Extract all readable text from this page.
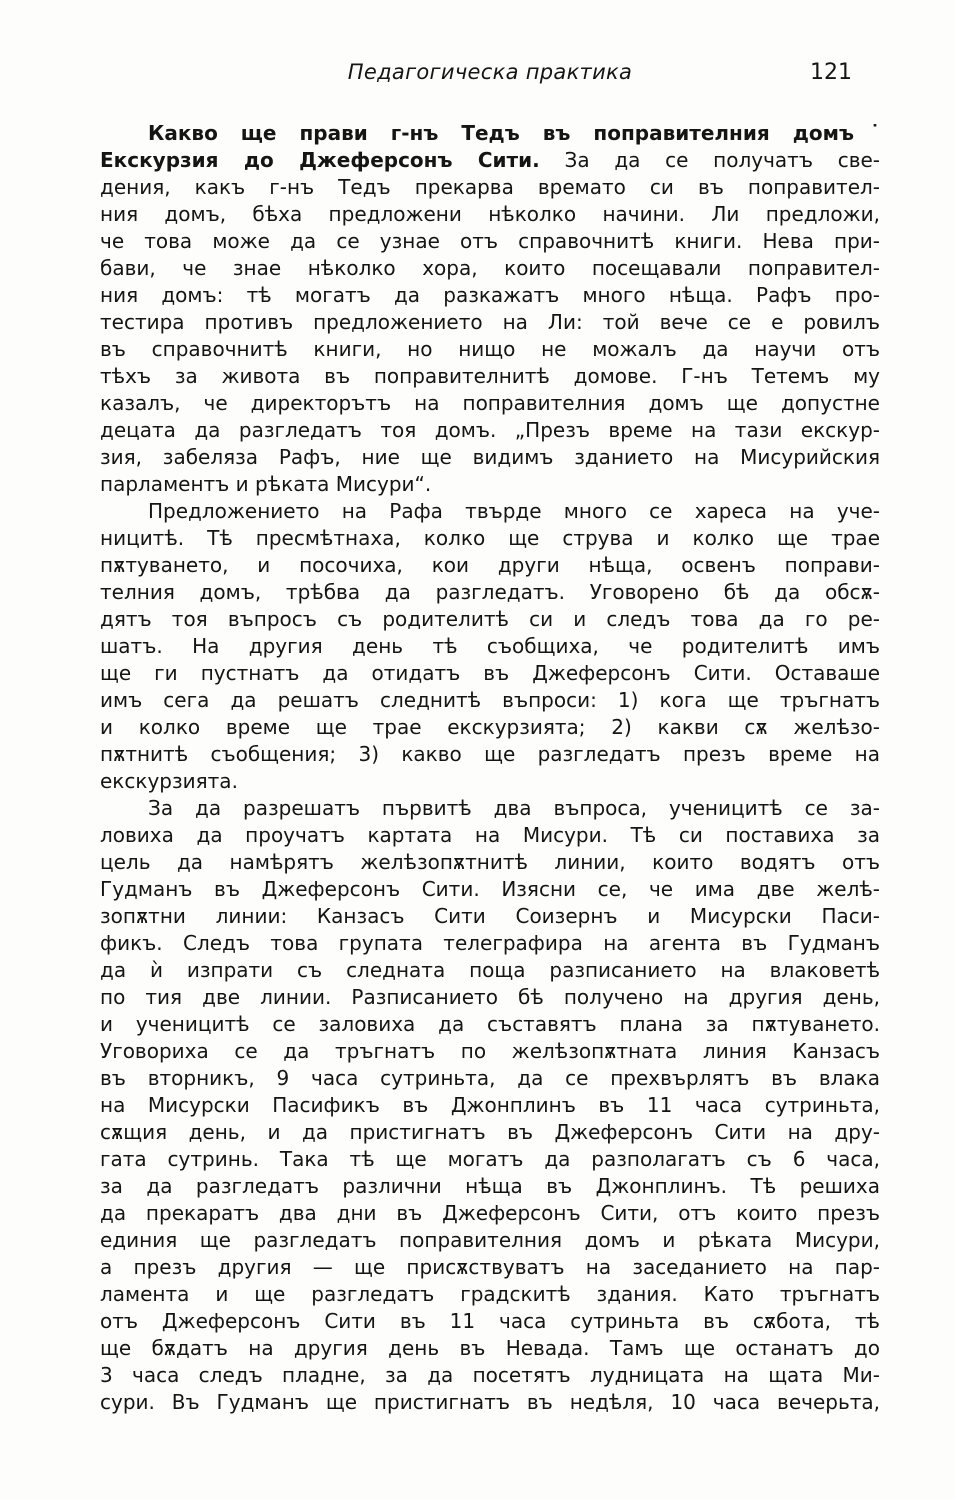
Педагогическа практика	121
Какво ще прави г-нъ Тедъ въ поправителния домъ˙
Екскурзия до Джеферсонъ Сити. За да се получатъ све-
дения, какъ г-нъ Тедъ прекарва времато си въ поправител-
ния домъ, бѣха предложени нѣколко начини. Ли предложи,
че това може да се узнае отъ справочнитѣ книги. Нева при-
бави, че знае нѣколко хора, които посещавали поправител-
ния домъ: тѣ могатъ да разкажатъ много нѣща. Рафъ про-
тестира противъ предложението на Ли: той вече се е ровилъ
въ справочнитѣ книги, но нищо не можалъ да научи отъ
тѣхъ за живота въ поправителнитѣ домове. Г-нъ Тетемъ му
казалъ, че директорътъ на поправителния домъ ще допустне
децата да разгледатъ тоя домъ. „Презъ време на тази екскур-
зия, забеляза Рафъ, ние ще видимъ зданието на Мисурийския
парламентъ и рѣката Мисури“.
Предложението на Рафа твърде много се хареса на уче-
ницитѣ. Тѣ пресмѣтнаха, колко ще струва и колко ще трае
пѫтуването, и посочиха, кои други нѣща, освенъ поправи-
телния домъ, трѣбва да разгледатъ. Уговорено бѣ да обсѫ-
дятъ тоя въпросъ съ родителитѣ си и следъ това да го ре-
шатъ. На другия день тѣ съобщиха, че родителитѣ имъ
ще ги пустнатъ да отидатъ въ Джеферсонъ Сити. Оставаше
имъ сега да решатъ следнитѣ въпроси: 1) кога ще тръгнатъ
и колко време ще трае екскурзията; 2) какви сѫ желѣзо-
пѫтнитѣ съобщения; 3) какво ще разгледатъ презъ време на
екскурзията.
За да разрешатъ първитѣ два въпроса, ученицитѣ се за-
ловиха да проучатъ картата на Мисури. Тѣ си поставиха за
цель да намѣрятъ желѣзопѫтнитѣ линии, които водятъ отъ
Гудманъ въ Джеферсонъ Сити. Изясни се, че има две желѣ-
зопѫтни линии: Канзасъ Сити Соизернъ и Мисурски Паси-
фикъ. Следъ това групата телеграфира на агента въ Гудманъ
да ѝ изпрати съ следната поща разписанието на влаковетѣ
по тия две линии. Разписанието бѣ получено на другия день,
и ученицитѣ се заловиха да съставятъ плана за пѫтуването.
Уговориха се да тръгнатъ по желѣзопѫтната линия Канзасъ
въ вторникъ, 9 часа сутриньта, да се прехвърлятъ въ влака
на Мисурски Пасификъ въ Джонплинъ въ 11 часа сутриньта,
сѫщия день, и да пристигнатъ въ Джеферсонъ Сити на дру-
гата сутринь. Така тѣ ще могатъ да разполагатъ съ 6 часа,
за да разгледатъ различни нѣща въ Джонплинъ. Тѣ решиха
да прекаратъ два дни въ Джеферсонъ Сити, отъ които презъ
единия ще разгледатъ поправителния домъ и рѣката Мисури,
а презъ другия — ще присѫствуватъ на заседанието на пар-
ламента и ще разгледатъ градскитѣ здания. Като тръгнатъ
отъ Джеферсонъ Сити въ 11 часа сутриньта въ сѫбота, тѣ
ще бѫдатъ на другия день въ Невада. Тамъ ще останатъ до
3 часа следъ пладне, за да посетятъ лудницата на щата Ми-
сури. Въ Гудманъ ще пристигнатъ въ недѣля, 10 часа вечерьта,
